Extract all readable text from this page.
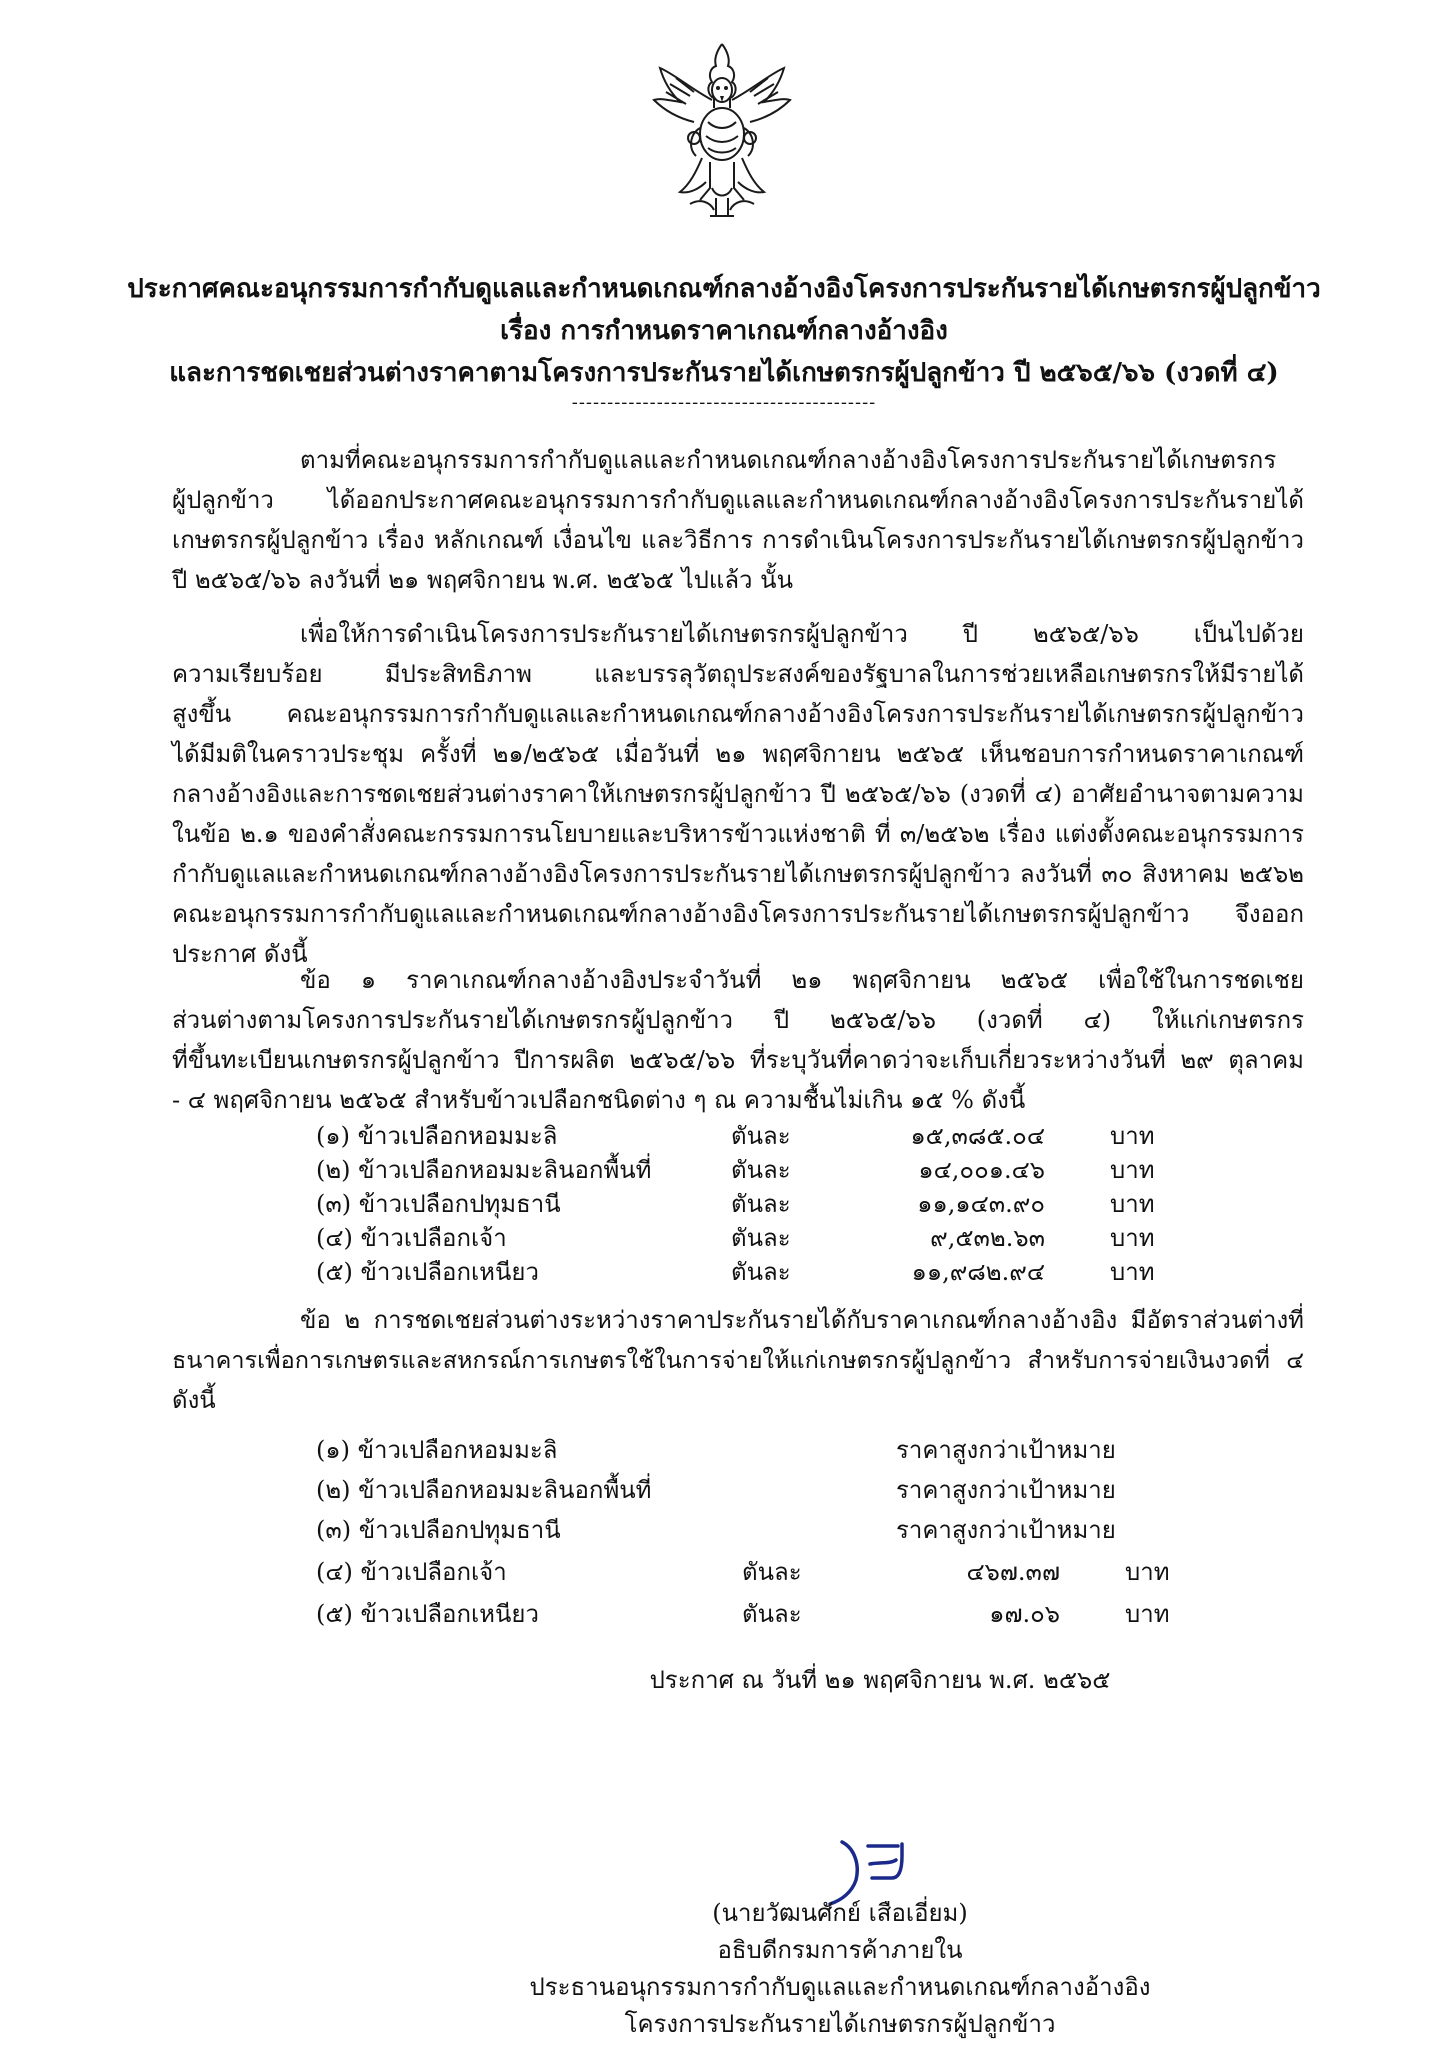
ประกาศคณะอนุกรรมการกำกับดูแลและกำหนดเกณฑ์กลางอ้างอิงโครงการประกันรายได้เกษตรกรผู้ปลูกข้าว
เรื่อง การกำหนดราคาเกณฑ์กลางอ้างอิง
และการชดเชยส่วนต่างราคาตามโครงการประกันรายได้เกษตรกรผู้ปลูกข้าว ปี ๒๕๖๕/๖๖ (งวดที่ ๔)
-------------------------------------------
ตามที่คณะอนุกรรมการกำกับดูแลและกำหนดเกณฑ์กลางอ้างอิงโครงการประกันรายได้เกษตรกร
ผู้ปลูกข้าว ได้ออกประกาศคณะอนุกรรมการกำกับดูแลและกำหนดเกณฑ์กลางอ้างอิงโครงการประกันรายได้
เกษตรกรผู้ปลูกข้าว เรื่อง หลักเกณฑ์ เงื่อนไข และวิธีการ การดำเนินโครงการประกันรายได้เกษตรกรผู้ปลูกข้าว
ปี ๒๕๖๕/๖๖ ลงวันที่ ๒๑ พฤศจิกายน พ.ศ. ๒๕๖๕ ไปแล้ว นั้น
เพื่อให้การดำเนินโครงการประกันรายได้เกษตรกรผู้ปลูกข้าว ปี ๒๕๖๕/๖๖ เป็นไปด้วย
ความเรียบร้อย มีประสิทธิภาพ และบรรลุวัตถุประสงค์ของรัฐบาลในการช่วยเหลือเกษตรกรให้มีรายได้
สูงขึ้น คณะอนุกรรมการกำกับดูแลและกำหนดเกณฑ์กลางอ้างอิงโครงการประกันรายได้เกษตรกรผู้ปลูกข้าว
ได้มีมติในคราวประชุม ครั้งที่ ๒๑/๒๕๖๕ เมื่อวันที่ ๒๑ พฤศจิกายน ๒๕๖๕ เห็นชอบการกำหนดราคาเกณฑ์
กลางอ้างอิงและการชดเชยส่วนต่างราคาให้เกษตรกรผู้ปลูกข้าว ปี ๒๕๖๕/๖๖ (งวดที่ ๔) อาศัยอำนาจตามความ
ในข้อ ๒.๑ ของคำสั่งคณะกรรมการนโยบายและบริหารข้าวแห่งชาติ ที่ ๓/๒๕๖๒ เรื่อง แต่งตั้งคณะอนุกรรมการ
กำกับดูแลและกำหนดเกณฑ์กลางอ้างอิงโครงการประกันรายได้เกษตรกรผู้ปลูกข้าว ลงวันที่ ๓๐ สิงหาคม ๒๕๖๒
คณะอนุกรรมการกำกับดูแลและกำหนดเกณฑ์กลางอ้างอิงโครงการประกันรายได้เกษตรกรผู้ปลูกข้าว จึงออก
ประกาศ ดังนี้
ข้อ ๑ ราคาเกณฑ์กลางอ้างอิงประจำวันที่ ๒๑ พฤศจิกายน ๒๕๖๕ เพื่อใช้ในการชดเชย
ส่วนต่างตามโครงการประกันรายได้เกษตรกรผู้ปลูกข้าว ปี ๒๕๖๕/๖๖ (งวดที่ ๔) ให้แก่เกษตรกร
ที่ขึ้นทะเบียนเกษตรกรผู้ปลูกข้าว ปีการผลิต ๒๕๖๕/๖๖ ที่ระบุวันที่คาดว่าจะเก็บเกี่ยวระหว่างวันที่ ๒๙ ตุลาคม
- ๔ พฤศจิกายน ๒๕๖๕ สำหรับข้าวเปลือกชนิดต่าง ๆ ณ ความชื้นไม่เกิน ๑๕ % ดังนี้
(๑) ข้าวเปลือกหอมมะลิ	ตันละ	๑๕,๓๘๕.๐๔	บาท
(๒) ข้าวเปลือกหอมมะลินอกพื้นที่	ตันละ	๑๔,๐๐๑.๔๖	บาท
(๓) ข้าวเปลือกปทุมธานี	ตันละ	๑๑,๑๔๓.๙๐	บาท
(๔) ข้าวเปลือกเจ้า	ตันละ	๙,๕๓๒.๖๓	บาท
(๕) ข้าวเปลือกเหนียว	ตันละ	๑๑,๙๘๒.๙๔	บาท
ข้อ ๒ การชดเชยส่วนต่างระหว่างราคาประกันรายได้กับราคาเกณฑ์กลางอ้างอิง มีอัตราส่วนต่างที่
ธนาคารเพื่อการเกษตรและสหกรณ์การเกษตรใช้ในการจ่ายให้แก่เกษตรกรผู้ปลูกข้าว สำหรับการจ่ายเงินงวดที่ ๔
ดังนี้
(๑) ข้าวเปลือกหอมมะลิ	ราคาสูงกว่าเป้าหมาย
(๒) ข้าวเปลือกหอมมะลินอกพื้นที่	ราคาสูงกว่าเป้าหมาย
(๓) ข้าวเปลือกปทุมธานี	ราคาสูงกว่าเป้าหมาย
(๔) ข้าวเปลือกเจ้า	ตันละ	๔๖๗.๓๗	บาท
(๕) ข้าวเปลือกเหนียว	ตันละ	๑๗.๐๖	บาท
ประกาศ ณ วันที่ ๒๑ พฤศจิกายน พ.ศ. ๒๕๖๕
(นายวัฒนศักย์ เสือเอี่ยม)
อธิบดีกรมการค้าภายใน
ประธานอนุกรรมการกำกับดูแลและกำหนดเกณฑ์กลางอ้างอิง
โครงการประกันรายได้เกษตรกรผู้ปลูกข้าว
